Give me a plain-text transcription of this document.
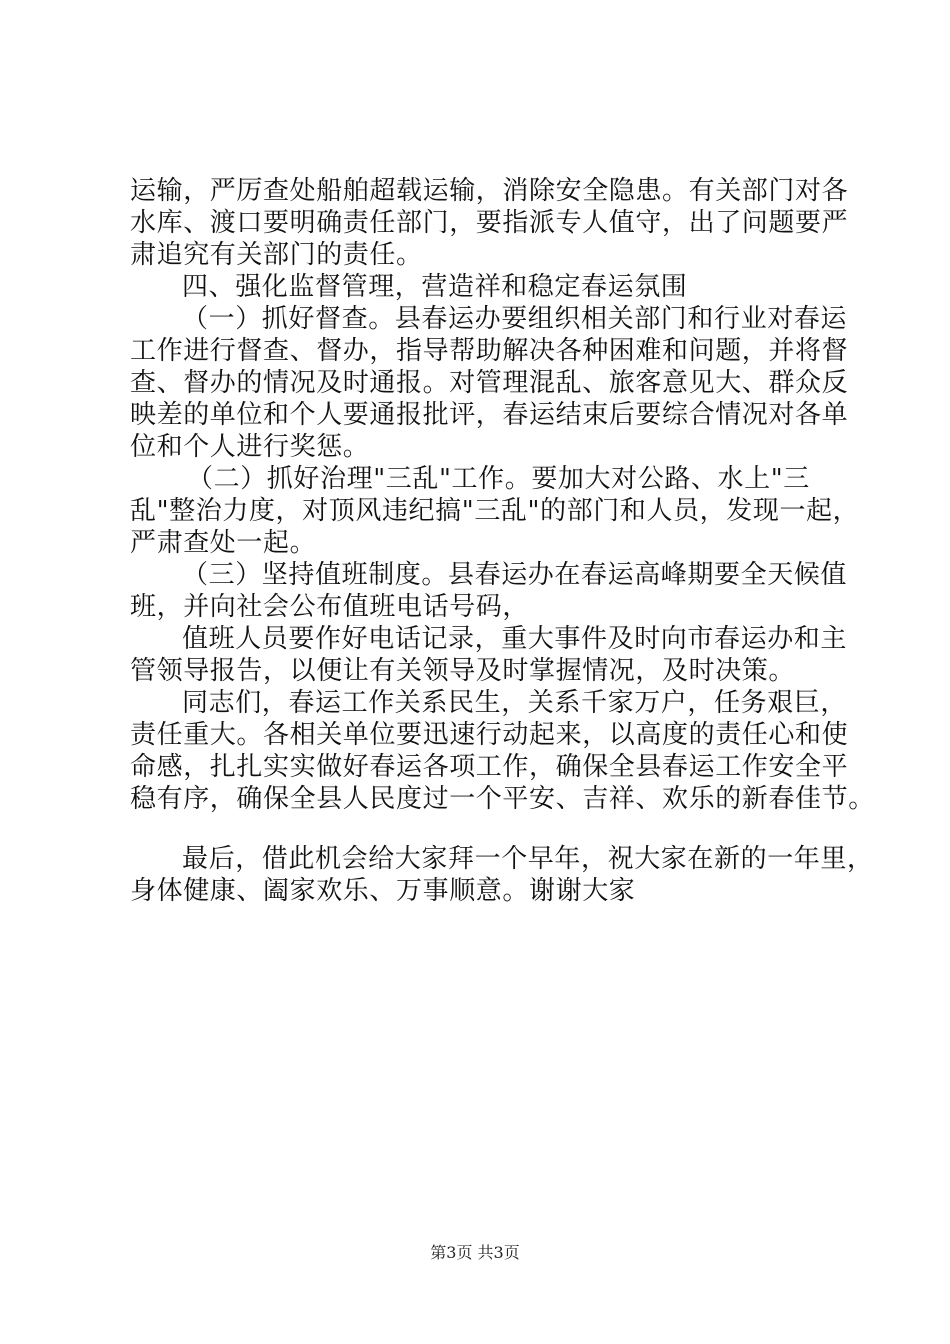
运输，严厉查处船舶超载运输，消除安全隐患。有关部门对各

水库、渡口要明确责任部门，要指派专人值守，出了问题要严

肃追究有关部门的责任。

四、强化监督管理，营造祥和稳定春运氛围

（一）抓好督查。县春运办要组织相关部门和行业对春运

工作进行督查、督办，指导帮助解决各种困难和问题，并将督

查、督办的情况及时通报。对管理混乱、旅客意见大、群众反

映差的单位和个人要通报批评，春运结束后要综合情况对各单

位和个人进行奖惩。

（二）抓好治理"三乱"工作。要加大对公路、水上"三

乱"整治力度，对顶风违纪搞"三乱"的部门和人员，发现一起，

严肃查处一起。

（三）坚持值班制度。县春运办在春运高峰期要全天候值

班，并向社会公布值班电话号码，

值班人员要作好电话记录，重大事件及时向市春运办和主

管领导报告，以便让有关领导及时掌握情况，及时决策。

同志们，春运工作关系民生，关系千家万户，任务艰巨，

责任重大。各相关单位要迅速行动起来，以高度的责任心和使

命感，扎扎实实做好春运各项工作，确保全县春运工作安全平

稳有序，确保全县人民度过一个平安、吉祥、欢乐的新春佳节。

最后，借此机会给大家拜一个早年，祝大家在新的一年里，

身体健康、阖家欢乐、万事顺意。谢谢大家

第3页 共3页
